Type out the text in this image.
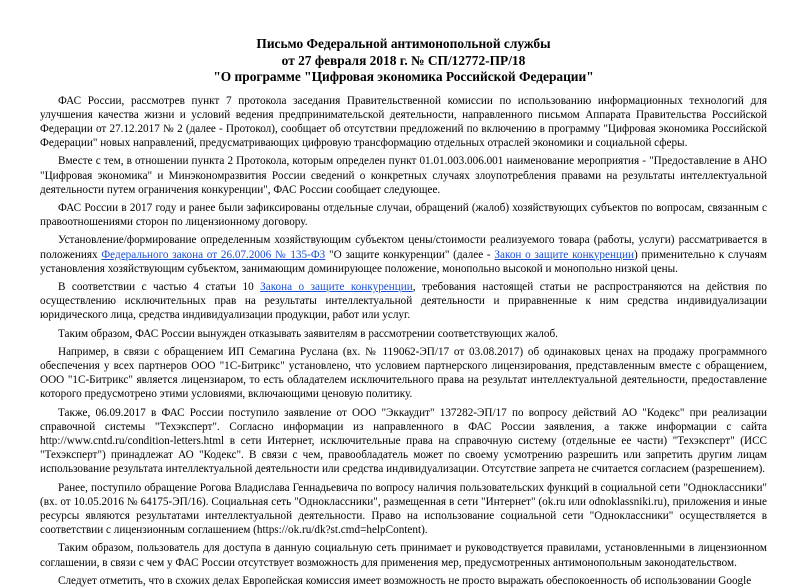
Письмо Федеральной антимонопольной службы
от 27 февраля 2018 г. № СП/12772-ПР/18
"О программе "Цифровая экономика Российской Федерации"

ФАС России, рассмотрев пункт 7 протокола заседания Правительственной комиссии по использованию информационных технологий для улучшения качества жизни и условий ведения предпринимательской деятельности, направленного письмом Аппарата Правительства Российской Федерации от 27.12.2017 № 2 (далее - Протокол), сообщает об отсутствии предложений по включению в программу "Цифровая экономика Российской Федерации" новых направлений, предусматривающих цифровую трансформацию отдельных отраслей экономики и социальной сферы.

Вместе с тем, в отношении пункта 2 Протокола, которым определен пункт 01.01.003.006.001 наименование мероприятия - "Предоставление в АНО "Цифровая экономика" и Минэкономразвития России сведений о конкретных случаях злоупотребления правами на результаты интеллектуальной деятельности путем ограничения конкуренции", ФАС России сообщает следующее.

ФАС России в 2017 году и ранее были зафиксированы отдельные случаи, обращений (жалоб) хозяйствующих субъектов по вопросам, связанным с правоотношениями сторон по лицензионному договору.

Установление/формирование определенным хозяйствующим субъектом цены/стоимости реализуемого товара (работы, услуги) рассматривается в положениях Федерального закона от 26.07.2006 № 135-ФЗ "О защите конкуренции" (далее - Закон о защите конкуренции) применительно к случаям установления хозяйствующим субъектом, занимающим доминирующее положение, монопольно высокой и монопольно низкой цены.

В соответствии с частью 4 статьи 10 Закона о защите конкуренции, требования настоящей статьи не распространяются на действия по осуществлению исключительных прав на результаты интеллектуальной деятельности и приравненные к ним средства индивидуализации юридического лица, средства индивидуализации продукции, работ или услуг.

Таким образом, ФАС России вынужден отказывать заявителям в рассмотрении соответствующих жалоб.

Например, в связи с обращением ИП Семагина Руслана (вх. № 119062-ЭП/17 от 03.08.2017) об одинаковых ценах на продажу программного обеспечения у всех партнеров ООО "1С-Битрикс" установлено, что условием партнерского лицензирования, представленным вместе с обращением, ООО "1С-Битрикс" является лицензиаром, то есть обладателем исключительного права на результат интеллектуальной деятельности, предоставление которого предусмотрено этими условиями, включающими ценовую политику.

Также, 06.09.2017 в ФАС России поступило заявление от ООО "Эккаудит" 137282-ЭП/17 по вопросу действий АО "Кодекс" при реализации справочной системы "Техэксперт". Согласно информации из направленного в ФАС России заявления, а также информации с сайта http://www.cntd.ru/condition-letters.html в сети Интернет, исключительные права на справочную систему (отдельные ее части) "Техэксперт" (ИСС "Техэксперт") принадлежат АО "Кодекс". В связи с чем, правообладатель может по своему усмотрению разрешить или запретить другим лицам использование результата интеллектуальной деятельности или средства индивидуализации. Отсутствие запрета не считается согласием (разрешением).

Ранее, поступило обращение Рогова Владислава Геннадьевича по вопросу наличия пользовательских функций в социальной сети "Одноклассники" (вх. от 10.05.2016 № 64175-ЭП/16). Социальная сеть "Одноклассники", размещенная в сети "Интернет" (ok.ru или odnoklassniki.ru), приложения и иные ресурсы являются результатами интеллектуальной деятельности. Право на использование социальной сети "Одноклассники" осуществляется в соответствии с лицензионным соглашением (https://ok.ru/dk?st.cmd=helpContent).

Таким образом, пользователь для доступа в данную социальную сеть принимает и руководствуется правилами, установленными в лицензионном соглашении, в связи с чем у ФАС России отсутствует возможность для применения мер, предусмотренных антимонопольным законодательством.

Следует отметить, что в схожих делах Европейская комиссия имеет возможность не просто выражать обеспокоенность об использовании Google
